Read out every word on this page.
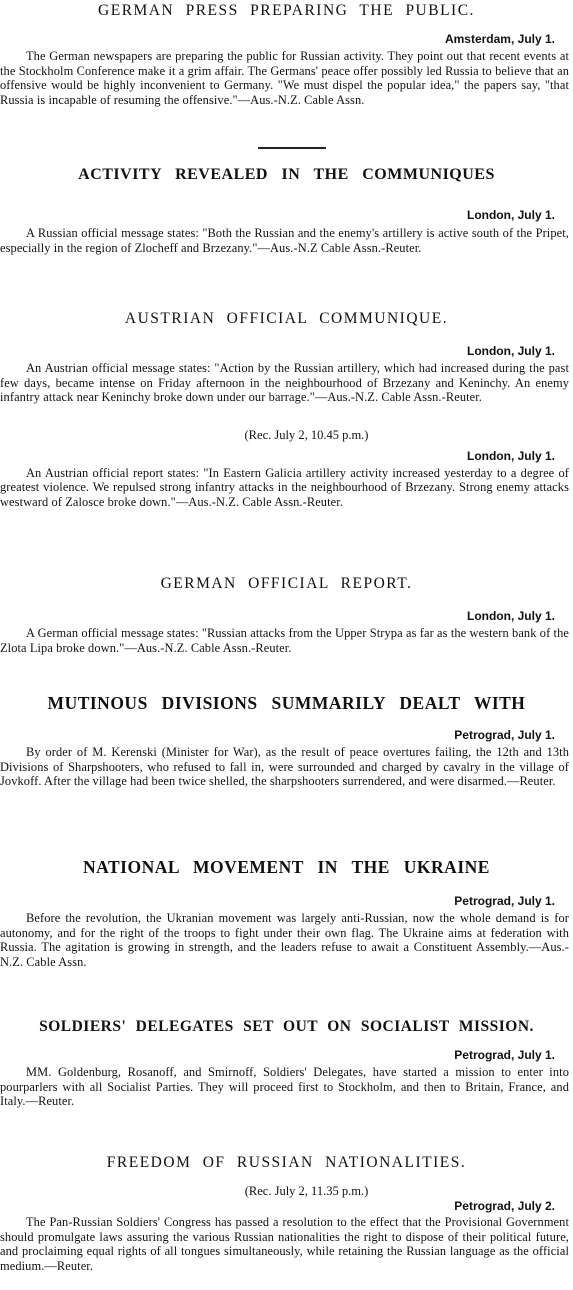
GERMAN PRESS PREPARING THE PUBLIC.
Amsterdam, July 1.

The German newspapers are preparing the public for Russian activity. They point out that recent events at the Stockholm Conference make it a grim affair. The Germans' peace offer possibly led Russia to believe that an offensive would be highly inconvenient to Germany. "We must dispel the popular idea," the papers say, "that Russia is incapable of resuming the offensive."—Aus.-N.Z. Cable Assn.

ACTIVITY REVEALED IN THE COMMUNIQUES
London, July 1.

A Russian official message states: "Both the Russian and the enemy's artillery is active south of the Pripet, especially in the region of Zlocheff and Brzezany."—Aus.-N.Z Cable Assn.-Reuter.

AUSTRIAN OFFICIAL COMMUNIQUE.
London, July 1.

An Austrian official message states: "Action by the Russian artillery, which had increased during the past few days, became intense on Friday afternoon in the neighbourhood of Brzezany and Keninchy. An enemy infantry attack near Keninchy broke down under our barrage."—Aus.-N.Z. Cable Assn.-Reuter.

(Rec. July 2, 10.45 p.m.)
London, July 1.

An Austrian official report states: "In Eastern Galicia artillery activity increased yesterday to a degree of greatest violence. We repulsed strong infantry attacks in the neighbourhood of Brzezany. Strong enemy attacks westward of Zalosce broke down."—Aus.-N.Z. Cable Assn.-Reuter.

GERMAN OFFICIAL REPORT.
London, July 1.

A German official message states: "Russian attacks from the Upper Strypa as far as the western bank of the Zlota Lipa broke down."—Aus.-N.Z. Cable Assn.-Reuter.

MUTINOUS DIVISIONS SUMMARILY DEALT WITH
Petrograd, July 1.

By order of M. Kerenski (Minister for War), as the result of peace overtures failing, the 12th and 13th Divisions of Sharpshooters, who refused to fall in, were surrounded and charged by cavalry in the village of Jovkoff. After the village had been twice shelled, the sharpshooters surrendered, and were disarmed.—Reuter.

NATIONAL MOVEMENT IN THE UKRAINE
Petrograd, July 1.

Before the revolution, the Ukranian movement was largely anti-Russian, now the whole demand is for autonomy, and for the right of the troops to fight under their own flag. The Ukraine aims at federation with Russia. The agitation is growing in strength, and the leaders refuse to await a Constituent Assembly.—Aus.-N.Z. Cable Assn.

SOLDIERS' DELEGATES SET OUT ON SOCIALIST MISSION.
Petrograd, July 1.

MM. Goldenburg, Rosanoff, and Smirnoff, Soldiers' Delegates, have started a mission to enter into pourparlers with all Socialist Parties. They will proceed first to Stockholm, and then to Britain, France, and Italy.—Reuter.

FREEDOM OF RUSSIAN NATIONALITIES.
(Rec. July 2, 11.35 p.m.)
Petrograd, July 2.

The Pan-Russian Soldiers' Congress has passed a resolution to the effect that the Provisional Government should promulgate laws assuring the various Russian nationalities the right to dispose of their political future, and proclaiming equal rights of all tongues simultaneously, while retaining the Russian language as the official medium.—Reuter.
